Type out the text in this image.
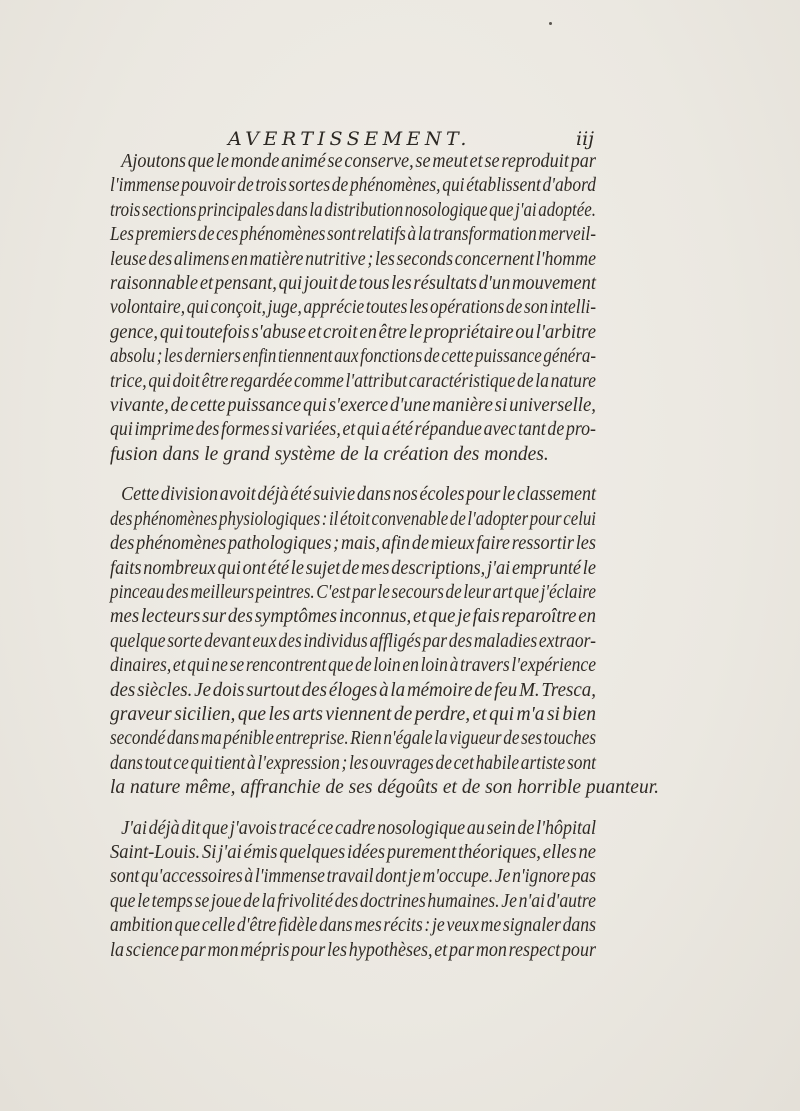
AVERTISSEMENT.	iij

Ajoutons que le monde animé se conserve, se meut et se reproduit par
l'immense pouvoir de trois sortes de phénomènes, qui établissent d'abord
trois sections principales dans la distribution nosologique que j'ai adoptée.
Les premiers de ces phénomènes sont relatifs à la transformation merveil-
leuse des alimens en matière nutritive ; les seconds concernent l'homme
raisonnable et pensant, qui jouit de tous les résultats d'un mouvement
volontaire, qui conçoit, juge, apprécie toutes les opérations de son intelli-
gence, qui toutefois s'abuse et croit en être le propriétaire ou l'arbitre
absolu ; les derniers enfin tiennent aux fonctions de cette puissance généra-
trice, qui doit être regardée comme l'attribut caractéristique de la nature
vivante, de cette puissance qui s'exerce d'une manière si universelle,
qui imprime des formes si variées, et qui a été répandue avec tant de pro-
fusion dans le grand système de la création des mondes.

Cette division avoit déjà été suivie dans nos écoles pour le classement
des phénomènes physiologiques : il étoit convenable de l'adopter pour celui
des phénomènes pathologiques ; mais, afin de mieux faire ressortir les
faits nombreux qui ont été le sujet de mes descriptions, j'ai emprunté le
pinceau des meilleurs peintres. C'est par le secours de leur art que j'éclaire
mes lecteurs sur des symptômes inconnus, et que je fais reparoître en
quelque sorte devant eux des individus affligés par des maladies extraor-
dinaires, et qui ne se rencontrent que de loin en loin à travers l'expérience
des siècles. Je dois surtout des éloges à la mémoire de feu M. Tresca,
graveur sicilien, que les arts viennent de perdre, et qui m'a si bien
secondé dans ma pénible entreprise. Rien n'égale la vigueur de ses touches
dans tout ce qui tient à l'expression ; les ouvrages de cet habile artiste sont
la nature même, affranchie de ses dégoûts et de son horrible puanteur.

J'ai déjà dit que j'avois tracé ce cadre nosologique au sein de l'hôpital
Saint-Louis. Si j'ai émis quelques idées purement théoriques, elles ne
sont qu'accessoires à l'immense travail dont je m'occupe. Je n'ignore pas
que le temps se joue de la frivolité des doctrines humaines. Je n'ai d'autre
ambition que celle d'être fidèle dans mes récits : je veux me signaler dans
la science par mon mépris pour les hypothèses, et par mon respect pour
